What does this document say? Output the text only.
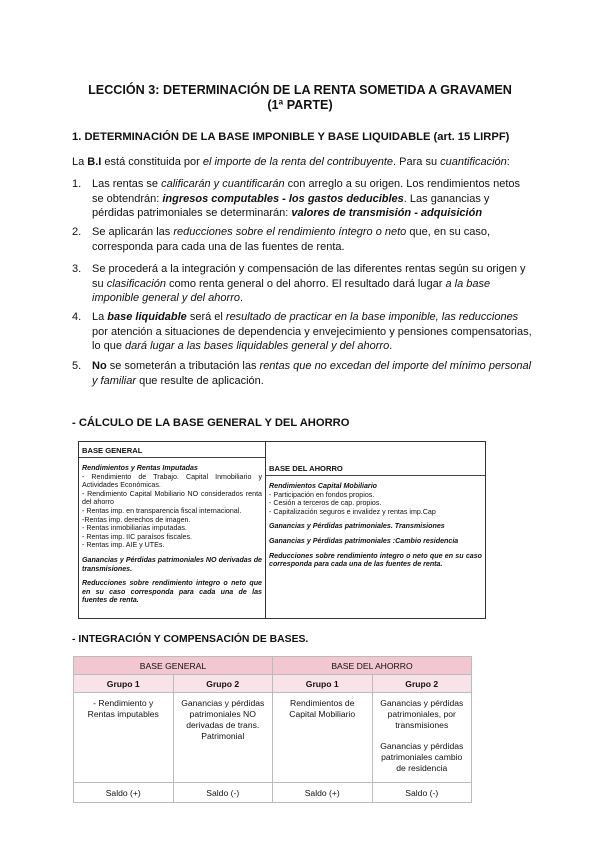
LECCIÓN 3: DETERMINACIÓN DE LA RENTA SOMETIDA A GRAVAMEN
(1ª PARTE)
1. DETERMINACIÓN DE LA BASE IMPONIBLE Y BASE LIQUIDABLE (art. 15 LIRPF)
La B.I está constituida por el importe de la renta del contribuyente. Para su cuantificación:
1. Las rentas se calificarán y cuantificarán con arreglo a su origen. Los rendimientos netos se obtendrán: ingresos computables - los gastos deducibles. Las ganancias y pérdidas patrimoniales se determinarán: valores de transmisión - adquisición
2. Se aplicarán las reducciones sobre el rendimiento íntegro o neto que, en su caso, corresponda para cada una de las fuentes de renta.
3. Se procederá a la integración y compensación de las diferentes rentas según su origen y su clasificación como renta general o del ahorro. El resultado dará lugar a la base imponible general y del ahorro.
4. La base liquidable será el resultado de practicar en la base imponible, las reducciones por atención a situaciones de dependencia y envejecimiento y pensiones compensatorias, lo que dará lugar a las bases liquidables general y del ahorro.
5. No se someterán a tributación las rentas que no excedan del importe del mínimo personal y familiar que resulte de aplicación.
- CÁLCULO DE LA BASE GENERAL Y DEL AHORRO
BASE GENERAL
Rendimientos y Rentas Imputadas
- Rendimiento de Trabajo. Capital Inmobiliario y Actividades Económicas.
- Rendimiento Capital Mobiliario NO considerados renta del ahorro
- Rentas imp. en transparencia fiscal internacional.
-Rentas imp. derechos de imagen.
- Rentas inmobiliarias imputadas.
- Rentas imp. IIC paraísos fiscales.
- Rentas imp. AIE y UTEs.
Ganancias y Pérdidas patrimoniales NO derivadas de transmisiones.
Reducciones sobre rendimiento integro o neto que en su caso corresponda para cada una de las fuentes de renta.
BASE DEL AHORRO
Rendimientos Capital Mobiliario
- Participación en fondos propios.
- Cesión a terceros de cap. propios.
- Capitalización seguros e invalidez y rentas imp.Cap
Ganancias y Pérdidas patrimoniales. Transmisiones
Ganancias y Pérdidas patrimoniales :Cambio residencia
Reducciones sobre rendimiento integro o neto que en su caso corresponda para cada una de las fuentes de renta.
- INTEGRACIÓN Y COMPENSACIÓN DE BASES.
BASE GENERAL		BASE DEL AHORRO	
Grupo 1	Grupo 2	Grupo 1	Grupo 2

- Rendimiento y Rentas imputables	Ganancias y pérdidas patrimoniales NO derivadas de trans. Patrimonial	Rendimientos de Capital Mobiliario	Ganancias y pérdidas patrimoniales, por transmisiones
Ganancias y pérdidas patrimoniales cambio de residencia

Saldo (+)	Saldo (-)	Saldo (+)	Saldo (-)
